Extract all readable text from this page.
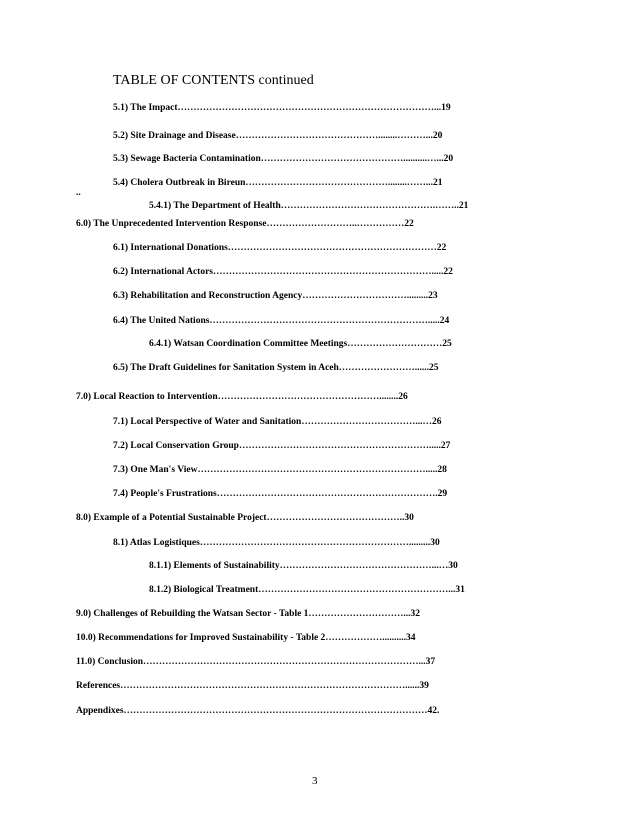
TABLE OF CONTENTS continued
5.1) The Impact………………………………………………………………………...19
5.2) Site Drainage and Disease………………………………………........………...20
5.3) Sewage Bacteria Contamination………………………………………..........…...20
5.4) Cholera Outbreak in Bireun………………………………………........……...21
..
5.4.1) The Department of Health………………………………………….……..21
6.0) The Unprecedented Intervention Response………………………..……………22
6.1) International Donations…………………………………………………………22
6.2) International Actors…………………………………………………………….....22
6.3) Rehabilitation and Reconstruction Agency…………………………….........23
6.4) The United Nations…………………………………………………………….....24
6.4.1) Watsan Coordination Committee Meetings…………………………25
6.5) The Draft Guidelines for Sanitation System in Aceh……………………......25
7.0) Local Reaction to Intervention……………………………………………........26
7.1) Local Perspective of Water and Sanitation………………………………...…26
7.2) Local Conservation Group…………………………………………………….....27
7.3) One Man's View……………………………………………………………….....28
7.4) People's Frustrations…………………………………………………………….29
8.0) Example of a Potential Sustainable Project……………………………………..30
8.1) Atlas Logistiques………………………………………………………….........30
8.1.1) Elements of Sustainability…………………………………………...…30
8.1.2) Biological Treatment……………………………………………………...31
9.0) Challenges of Rebuilding the Watsan Sector - Table 1…………………………...32
10.0) Recommendations for Improved Sustainability - Table 2………………..........34
11.0) Conclusion……………………………………………………………………………...37
References………………………………………………………………………………......39
Appendixes……………………………………………………………………………………42.
3
